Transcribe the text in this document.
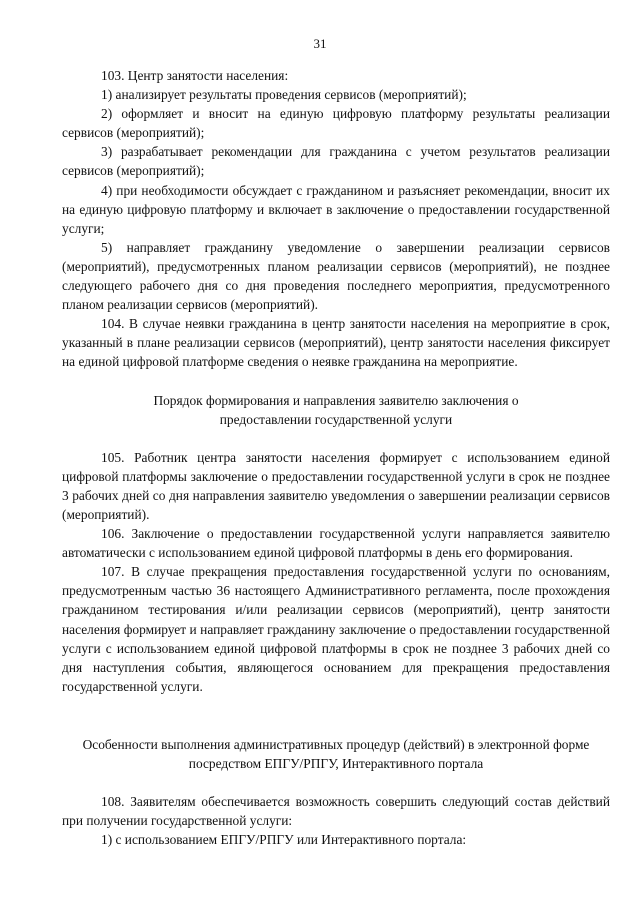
31

103. Центр занятости населения:

1) анализирует результаты проведения сервисов (мероприятий);

2) оформляет и вносит на единую цифровую платформу результаты реализации сервисов (мероприятий);

3) разрабатывает рекомендации для гражданина с учетом результатов реализации сервисов (мероприятий);

4) при необходимости обсуждает с гражданином и разъясняет рекомендации, вносит их на единую цифровую платформу и включает в заключение о предоставлении государственной услуги;

5) направляет гражданину уведомление о завершении реализации сервисов (мероприятий), предусмотренных планом реализации сервисов (мероприятий), не позднее следующего рабочего дня со дня проведения последнего мероприятия, предусмотренного планом реализации сервисов (мероприятий).

104. В случае неявки гражданина в центр занятости населения на мероприятие в срок, указанный в плане реализации сервисов (мероприятий), центр занятости населения фиксирует на единой цифровой платформе сведения о неявке гражданина на мероприятие.

Порядок формирования и направления заявителю заключения о предоставлении государственной услуги

105. Работник центра занятости населения формирует с использованием единой цифровой платформы заключение о предоставлении государственной услуги в срок не позднее 3 рабочих дней со дня направления заявителю уведомления о завершении реализации сервисов (мероприятий).

106. Заключение о предоставлении государственной услуги направляется заявителю автоматически с использованием единой цифровой платформы в день его формирования.

107. В случае прекращения предоставления государственной услуги по основаниям, предусмотренным частью 36 настоящего Административного регламента, после прохождения гражданином тестирования и/или реализации сервисов (мероприятий), центр занятости населения формирует и направляет гражданину заключение о предоставлении государственной услуги с использованием единой цифровой платформы в срок не позднее 3 рабочих дней со дня наступления события, являющегося основанием для прекращения предоставления государственной услуги.

Особенности выполнения административных процедур (действий) в электронной форме посредством ЕПГУ/РПГУ, Интерактивного портала

108. Заявителям обеспечивается возможность совершить следующий состав действий при получении государственной услуги:

1) с использованием ЕПГУ/РПГУ или Интерактивного портала:
